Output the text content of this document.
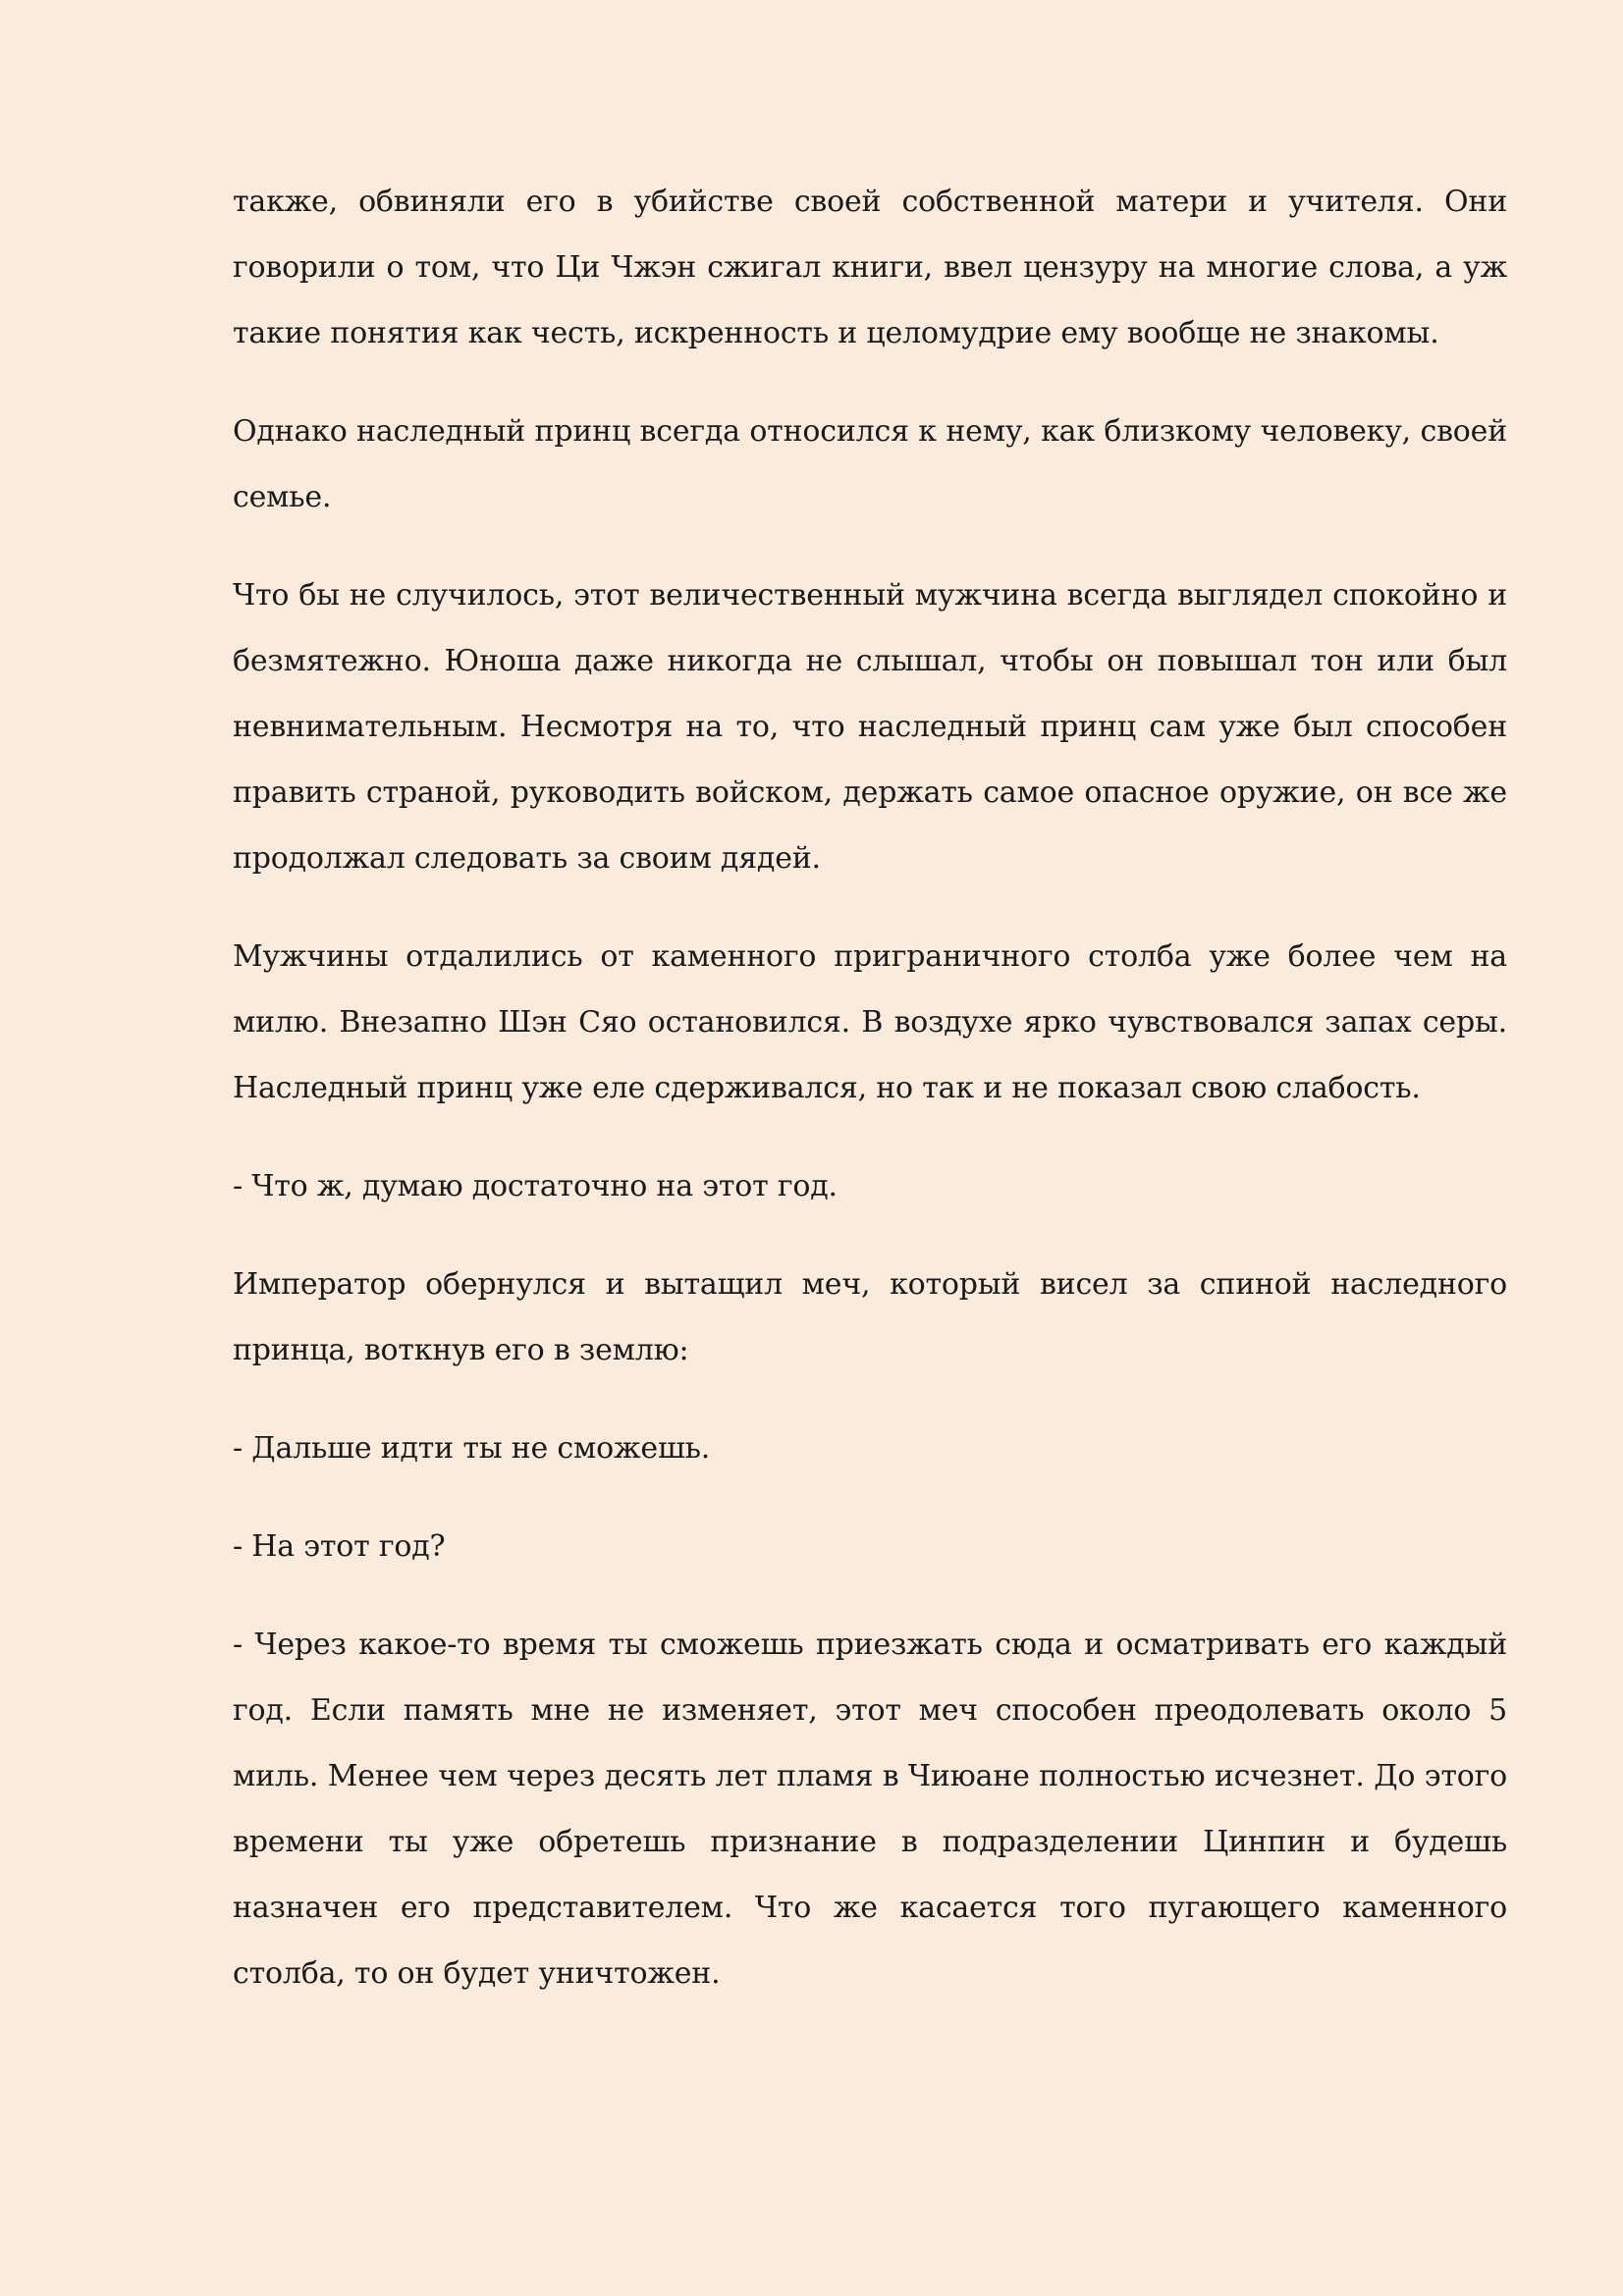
также, обвиняли его в убийстве своей собственной матери и учителя. Они говорили о том, что Ци Чжэн сжигал книги, ввел цензуру на многие слова, а уж такие понятия как честь, искренность и целомудрие ему вообще не знакомы.

Однако наследный принц всегда относился к нему, как близкому человеку, своей семье.

Что бы не случилось, этот величественный мужчина всегда выглядел спокойно и безмятежно. Юноша даже никогда не слышал, чтобы он повышал тон или был невнимательным. Несмотря на то, что наследный принц сам уже был способен править страной, руководить войском, держать самое опасное оружие, он все же продолжал следовать за своим дядей.

Мужчины отдалились от каменного приграничного столба уже более чем на милю. Внезапно Шэн Сяо остановился. В воздухе ярко чувствовался запах серы. Наследный принц уже еле сдерживался, но так и не показал свою слабость.

- Что ж, думаю достаточно на этот год.

Император обернулся и вытащил меч, который висел за спиной наследного принца, воткнув его в землю:

- Дальше идти ты не сможешь.

- На этот год?

- Через какое-то время ты сможешь приезжать сюда и осматривать его каждый год. Если память мне не изменяет, этот меч способен преодолевать около 5 миль. Менее чем через десять лет пламя в Чиюане полностью исчезнет. До этого времени ты уже обретешь признание в подразделении Цинпин и будешь назначен его представителем. Что же касается того пугающего каменного столба, то он будет уничтожен.
